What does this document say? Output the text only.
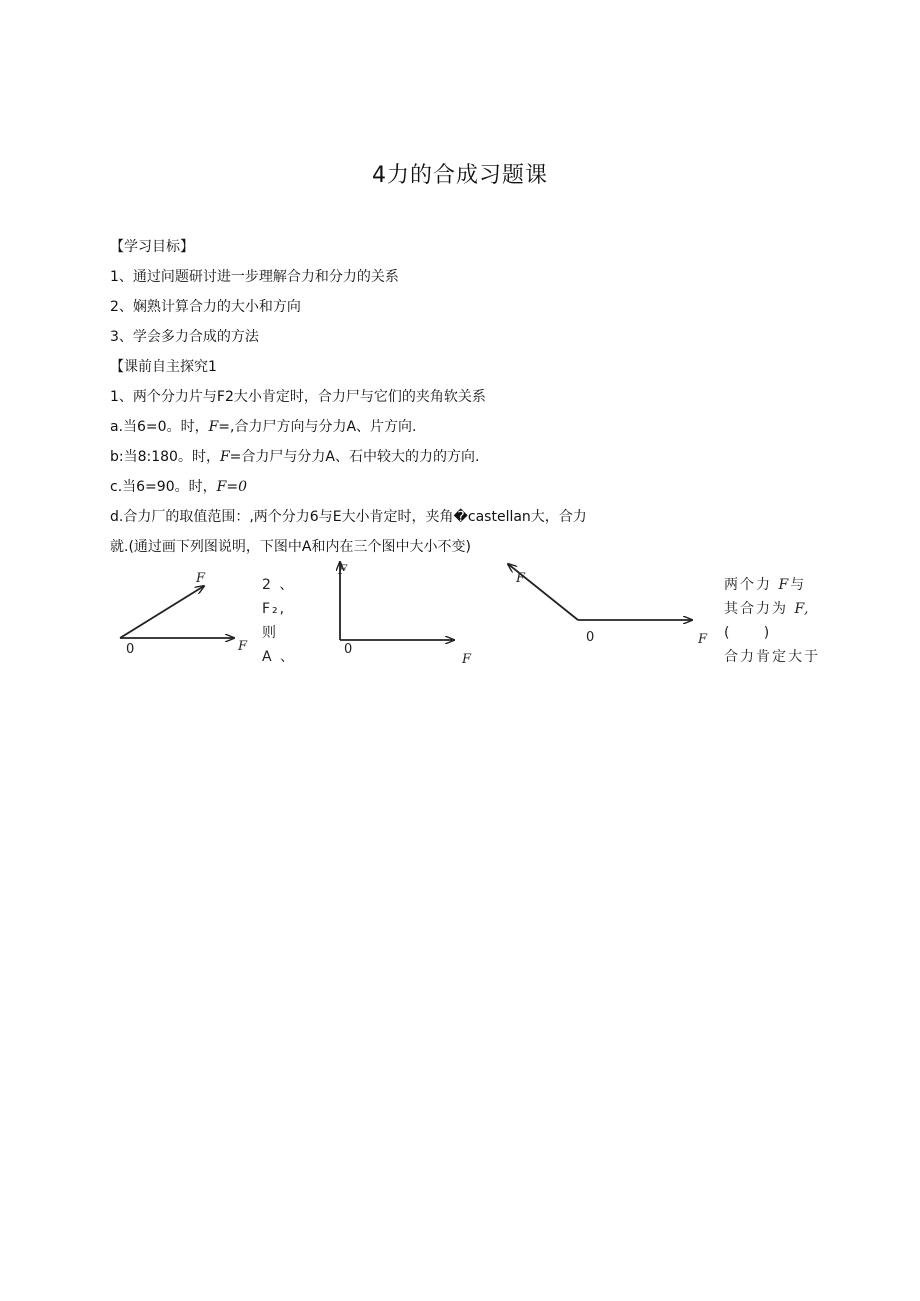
4力的合成习题课
【学习目标】
1、通过问题研讨进一步理解合力和分力的关系
2、娴熟计算合力的大小和方向
3、学会多力合成的方法
【课前自主探究1
1、两个分力片与F2大小肯定时，合力尸与它们的夹角软关系
a.当6=0。时，F=,合力尸方向与分力A、片方向.
b:当8:180。时，F=合力尸与分力A、石中较大的力的方向.
c.当6=90。时，F=0
d.合力厂的取值范围：,两个分力6与E大小肯定时，夹角�castellan大，合力
就.(通过画下列图说明，下图中A和内在三个图中大小不变)
0
F
F	0
F
F
0
F
F
2 、
F₂,
则
A 、
两个力 F与
其合力为 F,
(     )
合力肯定大于
